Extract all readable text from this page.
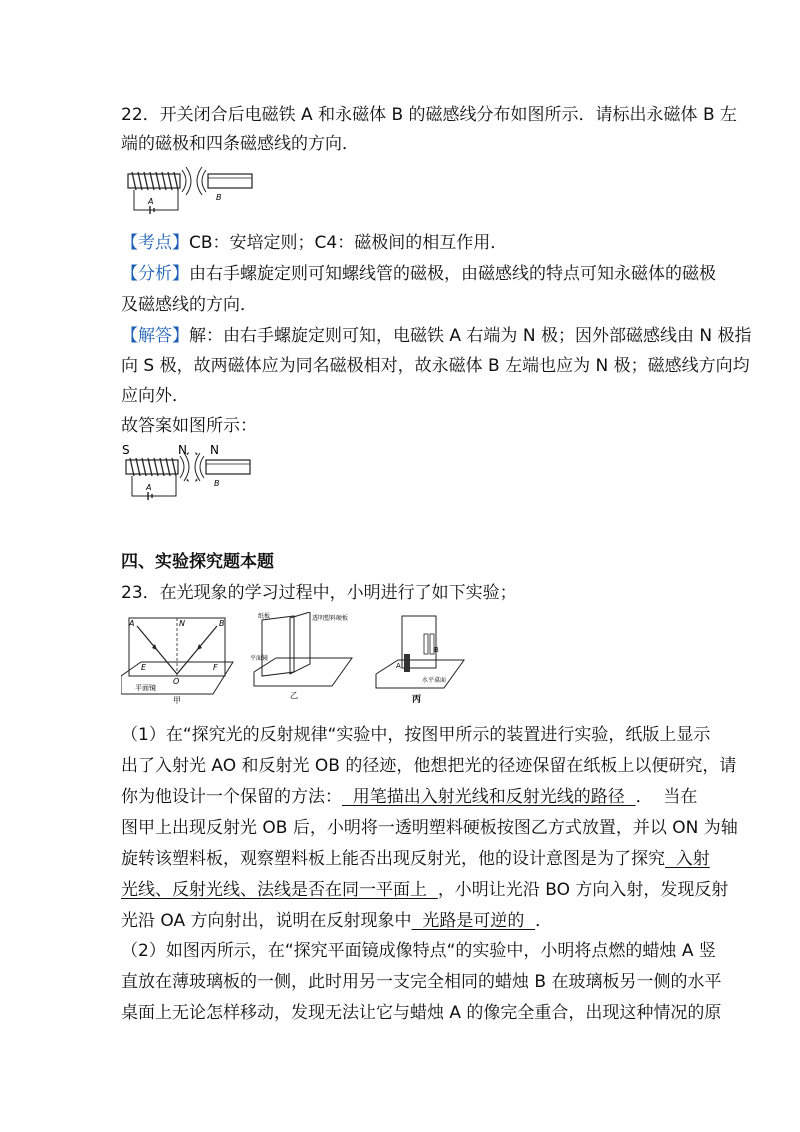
22．开关闭合后电磁铁 A 和永磁体 B 的磁感线分布如图所示．请标出永磁体 B 左
端的磁极和四条磁感线的方向．
A	B
【考点】CB：安培定则；C4：磁极间的相互作用．
【分析】由右手螺旋定则可知螺线管的磁极，由磁感线的特点可知永磁体的磁极
及磁感线的方向．
【解答】解：由右手螺旋定则可知，电磁铁 A 右端为 N 极；因外部磁感线由 N 极指
向 S 极，故两磁体应为同名磁极相对，故永磁体 B 左端也应为 N 极；磁感线方向均
应向外．
故答案如图所示：
S	N N
A	B
四、实验探究题本题
23．在光现象的学习过程中，小明进行了如下实验；
A	N	B
O
E	F
平面镜
甲
纸板	透明塑料硬板
平面镜
乙
A
B
水平桌面
丙
（1）在“探究光的反射规律“实验中，按图甲所示的装置进行实验，纸版上显示
出了入射光 AO 和反射光 OB 的径迹，他想把光的径迹保留在纸板上以便研究，请
你为他设计一个保留的方法：  用笔描出入射光线和反射光线的路径  ．  当在
图甲上出现反射光 OB 后，小明将一透明塑料硬板按图乙方式放置，并以 ON 为轴
旋转该塑料板，观察塑料板上能否出现反射光，他的设计意图是为了探究  入射
光线、反射光线、法线是否在同一平面上  ，小明让光沿 BO 方向入射，发现反射
光沿 OA 方向射出，说明在反射现象中  光路是可逆的  ．
（2）如图丙所示，在“探究平面镜成像特点“的实验中，小明将点燃的蜡烛 A 竖
直放在薄玻璃板的一侧，此时用另一支完全相同的蜡烛 B 在玻璃板另一侧的水平
桌面上无论怎样移动，发现无法让它与蜡烛 A 的像完全重合，出现这种情况的原
